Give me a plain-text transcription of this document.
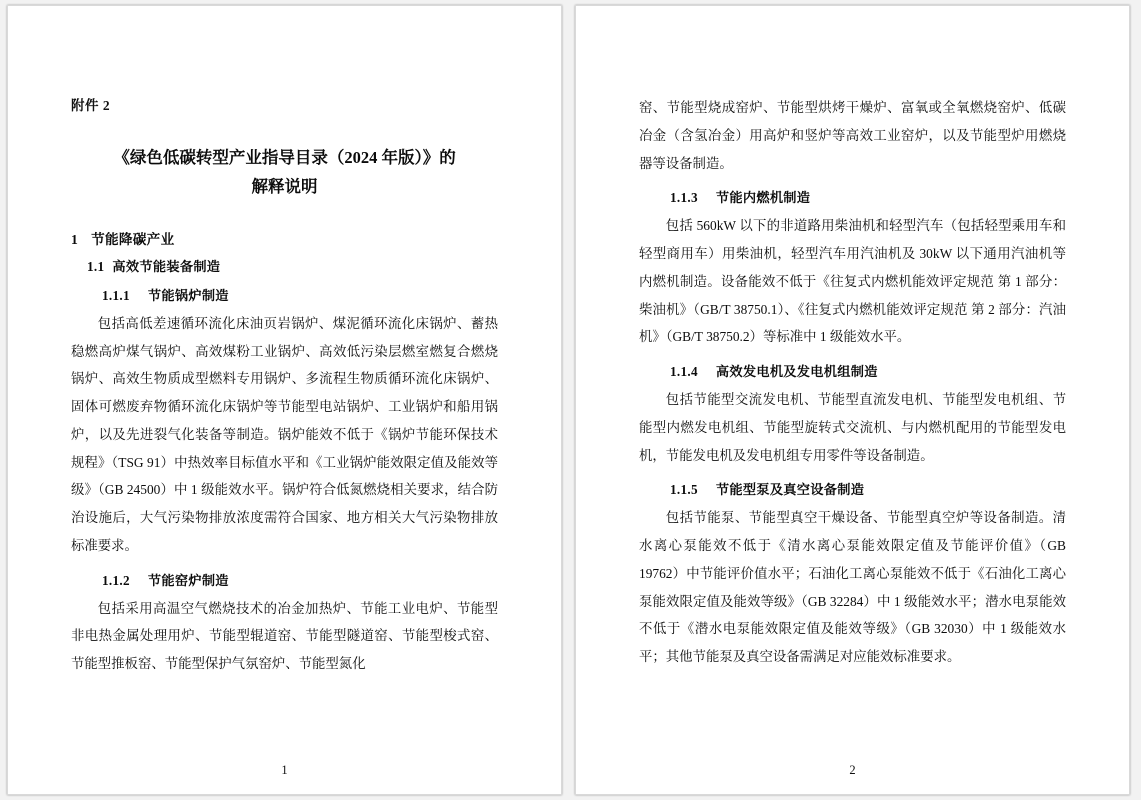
附件 2
《绿色低碳转型产业指导目录（2024 年版）》的
解释说明
1 节能降碳产业
1.1 高效节能装备制造
1.1.1 节能锅炉制造

包括高低差速循环流化床油页岩锅炉、煤泥循环流化床锅炉、蓄热稳燃高炉煤气锅炉、高效煤粉工业锅炉、高效低污染层燃室燃复合燃烧锅炉、高效生物质成型燃料专用锅炉、多流程生物质循环流化床锅炉、固体可燃废弃物循环流化床锅炉等节能型电站锅炉、工业锅炉和船用锅炉，以及先进裂气化装备等制造。锅炉能效不低于《锅炉节能环保技术规程》（TSG 91）中热效率目标值水平和《工业锅炉能效限定值及能效等级》（GB 24500）中 1 级能效水平。锅炉符合低氮燃烧相关要求，结合防治设施后，大气污染物排放浓度需符合国家、地方相关大气污染物排放标准要求。

1.1.2 节能窑炉制造

包括采用高温空气燃烧技术的冶金加热炉、节能工业电炉、节能型非电热金属处理用炉、节能型辊道窑、节能型隧道窑、节能型梭式窑、节能型推板窑、节能型保护气氛窑炉、节能型氮化

1

窑、节能型烧成窑炉、节能型烘烤干燥炉、富氧或全氧燃烧窑炉、低碳冶金（含氢冶金）用高炉和竖炉等高效工业窑炉，以及节能型炉用燃烧器等设备制造。

1.1.3 节能内燃机制造

包括 560kW 以下的非道路用柴油机和轻型汽车（包括轻型乘用车和轻型商用车）用柴油机，轻型汽车用汽油机及 30kW 以下通用汽油机等内燃机制造。设备能效不低于《往复式内燃机能效评定规范 第 1 部分：柴油机》（GB/T 38750.1）、《往复式内燃机能效评定规范 第 2 部分：汽油机》（GB/T 38750.2）等标准中 1 级能效水平。

1.1.4 高效发电机及发电机组制造

包括节能型交流发电机、节能型直流发电机、节能型发电机组、节能型内燃发电机组、节能型旋转式交流机、与内燃机配用的节能型发电机，节能发电机及发电机组专用零件等设备制造。

1.1.5 节能型泵及真空设备制造

包括节能泵、节能型真空干燥设备、节能型真空炉等设备制造。清水离心泵能效不低于《清水离心泵能效限定值及节能评价值》（GB 19762）中节能评价值水平；石油化工离心泵能效不低于《石油化工离心泵能效限定值及能效等级》（GB 32284）中 1 级能效水平；潜水电泵能效不低于《潜水电泵能效限定值及能效等级》（GB 32030）中 1 级能效水平；其他节能泵及真空设备需满足对应能效标准要求。

2
